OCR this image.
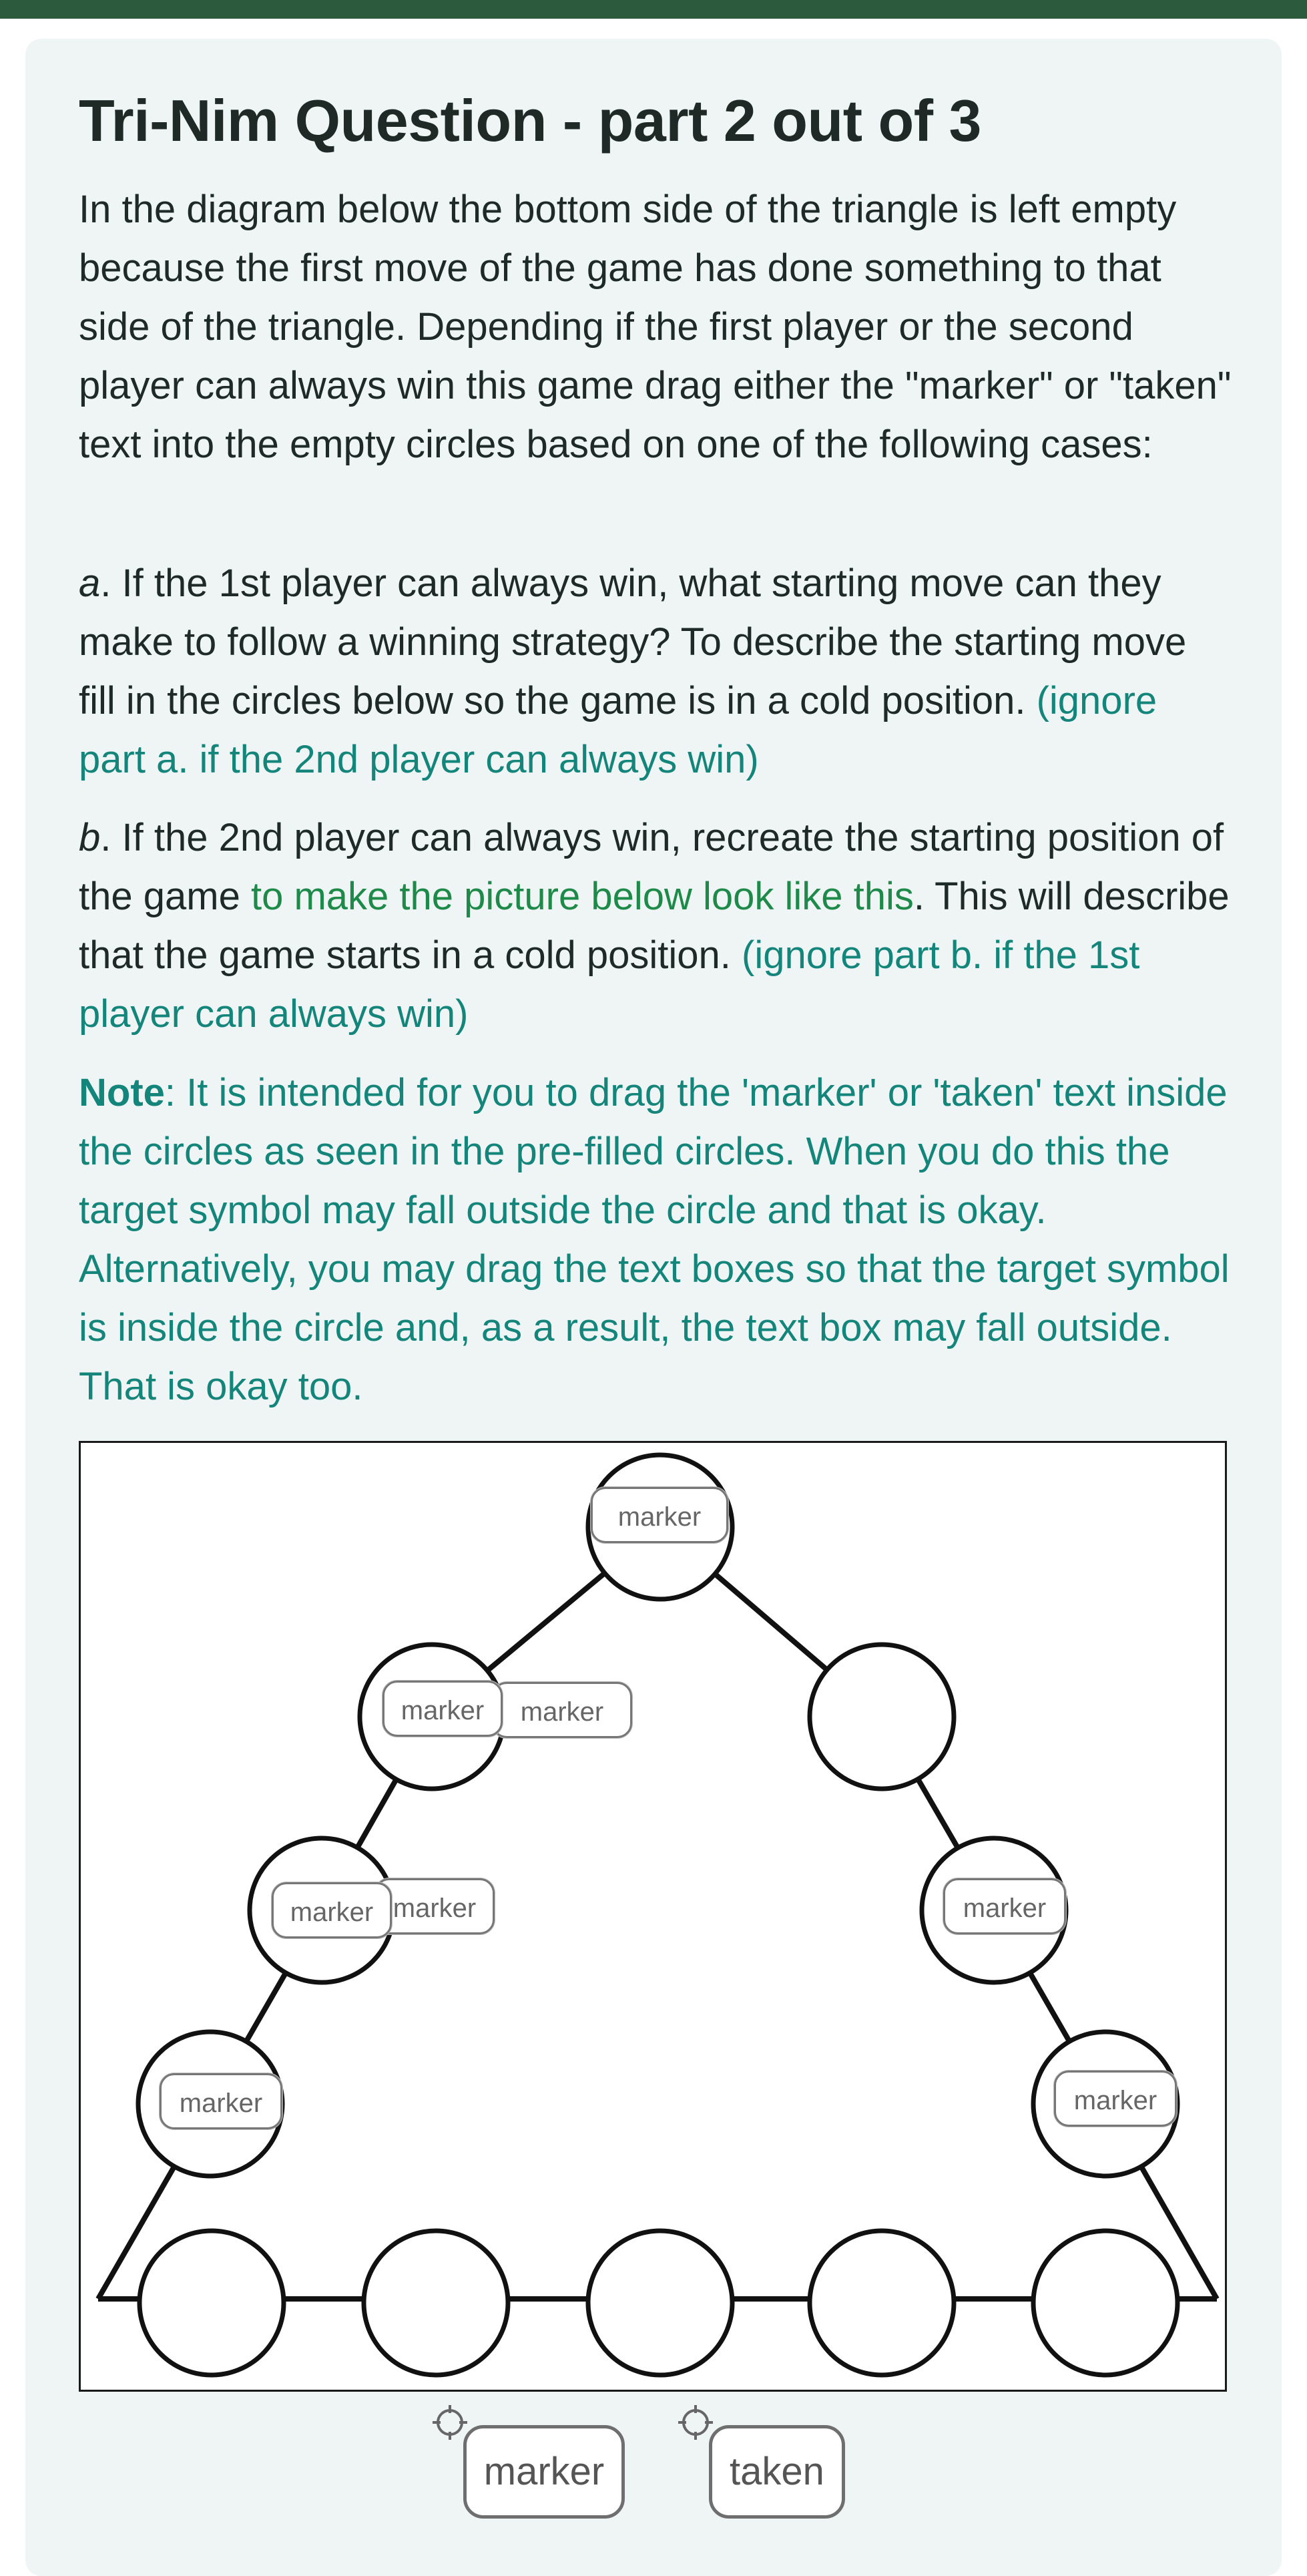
Tri-Nim Question - part 2 out of 3

In the diagram below the bottom side of the triangle is left empty because the first move of the game has done something to that side of the triangle. Depending if the first player or the second player can always win this game drag either the "marker" or "taken" text into the empty circles based on one of the following cases:

a. If the 1st player can always win, what starting move can they make to follow a winning strategy? To describe the starting move fill in the circles below so the game is in a cold position. (ignore part a. if the 2nd player can always win)

b. If the 2nd player can always win, recreate the starting position of the game to make the picture below look like this. This will describe that the game starts in a cold position. (ignore part b. if the 1st player can always win)

Note: It is intended for you to drag the 'marker' or 'taken' text inside the circles as seen in the pre-filled circles. When you do this the target symbol may fall outside the circle and that is okay. Alternatively, you may drag the text boxes so that the target symbol is inside the circle and, as a result, the text box may fall outside. That is okay too.

marker
marker
marker
marker
marker	marker
marker
marker
marker	taken
